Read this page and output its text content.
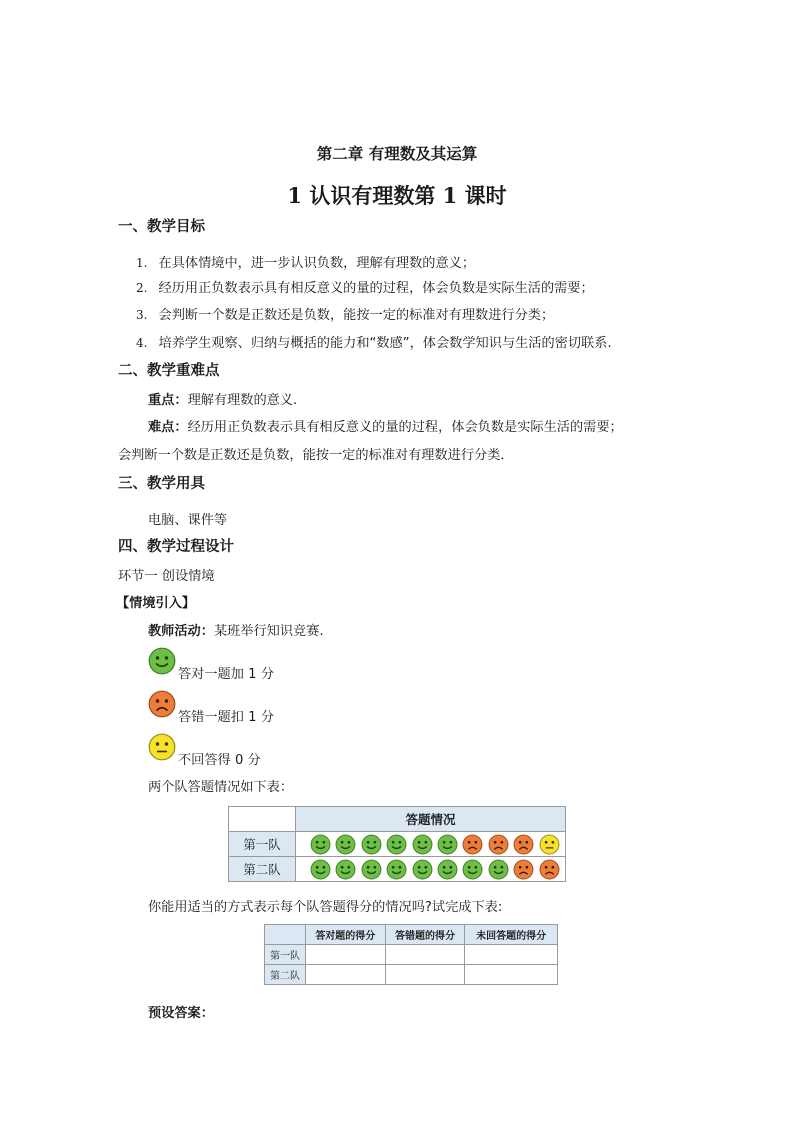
第二章 有理数及其运算
1 认识有理数第 1 课时
一、教学目标
1. 在具体情境中，进一步认识负数，理解有理数的意义；
2. 经历用正负数表示具有相反意义的量的过程，体会负数是实际生活的需要；
3. 会判断一个数是正数还是负数，能按一定的标准对有理数进行分类；
4. 培养学生观察、归纳与概括的能力和“数感”，体会数学知识与生活的密切联系.
二、教学重难点
重点：理解有理数的意义.
难点：经历用正负数表示具有相反意义的量的过程，体会负数是实际生活的需要；
会判断一个数是正数还是负数，能按一定的标准对有理数进行分类．
三、教学用具
电脑、课件等
四、教学过程设计
环节一 创设情境
【情境引入】
教师活动：某班举行知识竞赛.
答对一题加 1 分
答错一题扣 1 分
不回答得 0 分
两个队答题情况如下表：
	答题情况
第一队	
第二队	
你能用适当的方式表示每个队答题得分的情况吗?试完成下表:
	答对题的得分	答错题的得分	未回答题的得分
第一队			
第二队			
预设答案：
